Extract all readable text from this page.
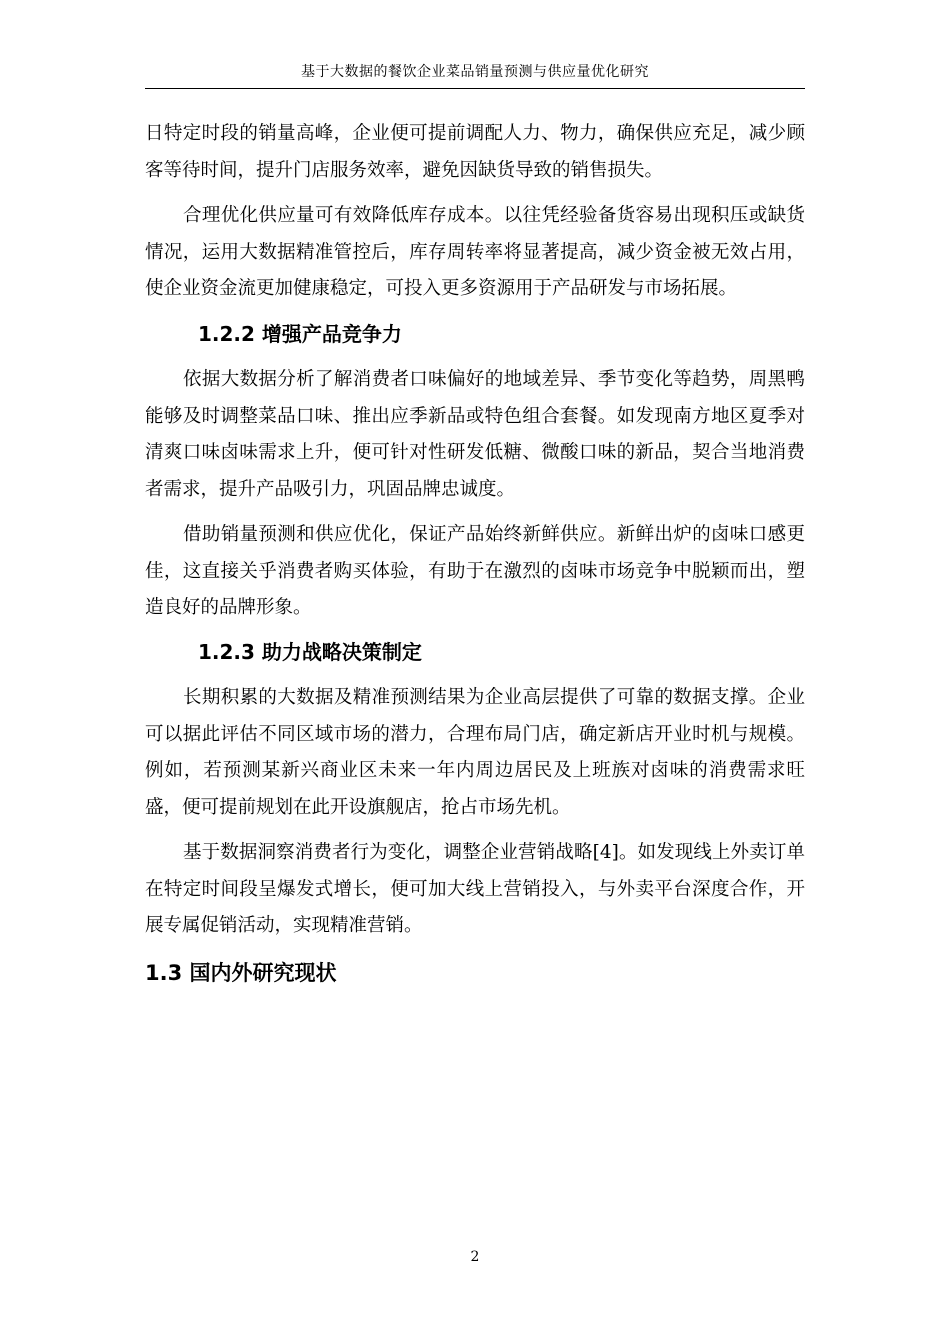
基于大数据的餐饮企业菜品销量预测与供应量优化研究

日特定时段的销量高峰，企业便可提前调配人力、物力，确保供应充足，减少顾客等待时间，提升门店服务效率，避免因缺货导致的销售损失。

合理优化供应量可有效降低库存成本。以往凭经验备货容易出现积压或缺货情况，运用大数据精准管控后，库存周转率将显著提高，减少资金被无效占用，使企业资金流更加健康稳定，可投入更多资源用于产品研发与市场拓展。

1.2.2 增强产品竞争力

依据大数据分析了解消费者口味偏好的地域差异、季节变化等趋势，周黑鸭能够及时调整菜品口味、推出应季新品或特色组合套餐。如发现南方地区夏季对清爽口味卤味需求上升，便可针对性研发低糖、微酸口味的新品，契合当地消费者需求，提升产品吸引力，巩固品牌忠诚度。

借助销量预测和供应优化，保证产品始终新鲜供应。新鲜出炉的卤味口感更佳，这直接关乎消费者购买体验，有助于在激烈的卤味市场竞争中脱颖而出，塑造良好的品牌形象。

1.2.3 助力战略决策制定

长期积累的大数据及精准预测结果为企业高层提供了可靠的数据支撑。企业可以据此评估不同区域市场的潜力，合理布局门店，确定新店开业时机与规模。例如，若预测某新兴商业区未来一年内周边居民及上班族对卤味的消费需求旺盛，便可提前规划在此开设旗舰店，抢占市场先机。

基于数据洞察消费者行为变化，调整企业营销战略[4]。如发现线上外卖订单在特定时间段呈爆发式增长，便可加大线上营销投入，与外卖平台深度合作，开展专属促销活动，实现精准营销。

1.3 国内外研究现状
2
